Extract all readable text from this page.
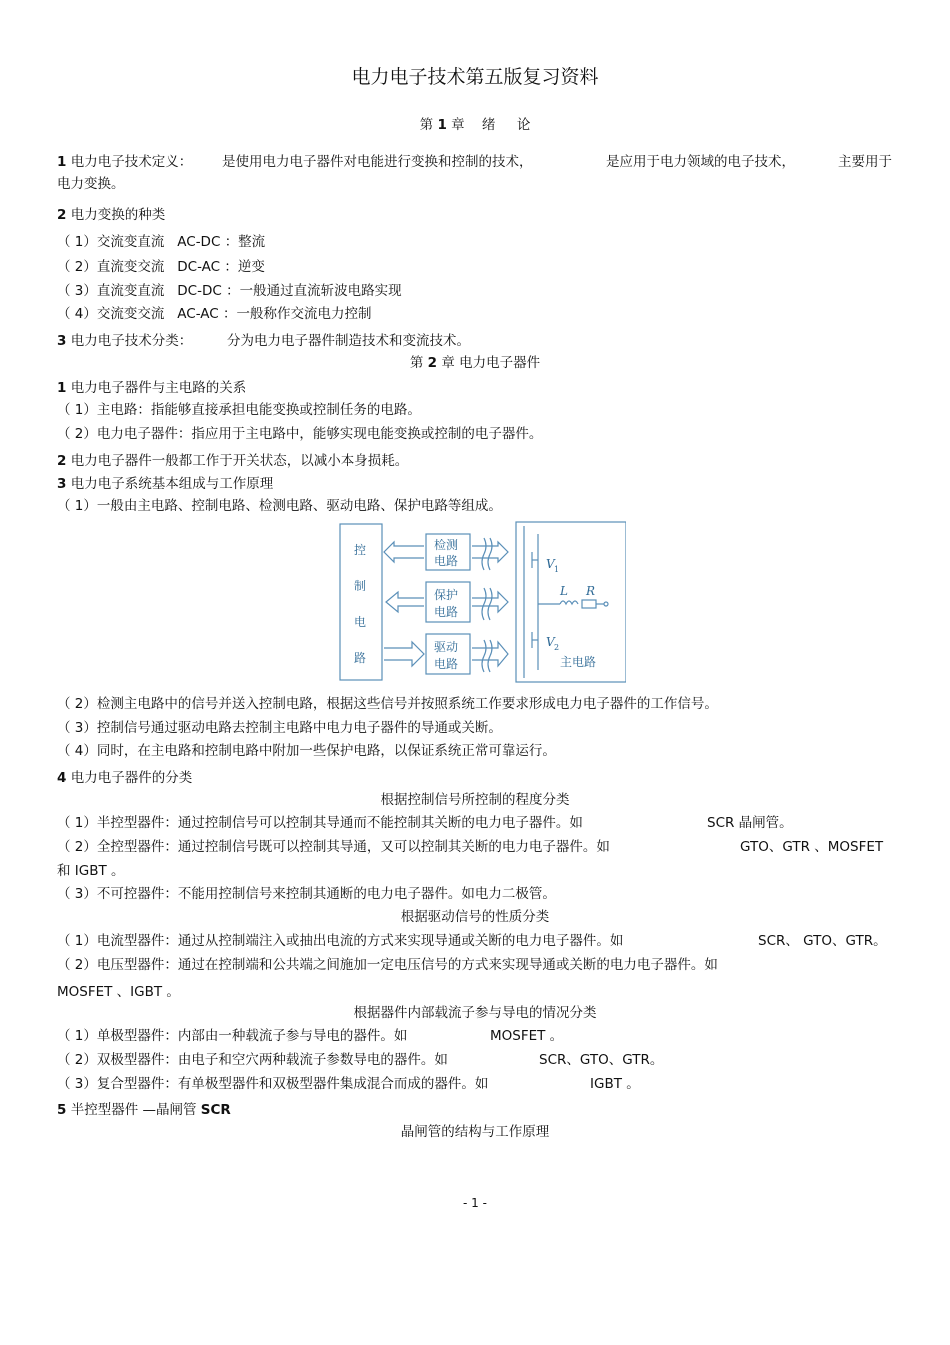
电力电子技术第五版复习资料
第 1 章 绪 论
1 电力电子技术定义： 是使用电力电子器件对电能进行变换和控制的技术，	是应用于电力领域的电子技术，	主要用于
电力变换。
2 电力变换的种类
（ 1）交流变直流 AC-DC ：整流
（ 2）直流变交流 DC-AC ：逆变
（ 3）直流变直流 DC-DC ：一般通过直流斩波电路实现
（ 4）交流变交流 AC-AC ：一般称作交流电力控制
3 电力电子技术分类：	分为电力电子器件制造技术和变流技术。
第 2 章 电力电子器件
1 电力电子器件与主电路的关系
（ 1）主电路：指能够直接承担电能变换或控制任务的电路。
（ 2）电力电子器件：指应用于主电路中，能够实现电能变换或控制的电子器件。
2 电力电子器件一般都工作于开关状态，以减小本身损耗。
3 电力电子系统基本组成与工作原理
（ 1）一般由主电路、控制电路、检测电路、驱动电路、保护电路等组成。
控
制
电
路
检测
电路
保护
电路
驱动
电路
V 1
V 2
L R
主电路
（ 2）检测主电路中的信号并送入控制电路，根据这些信号并按照系统工作要求形成电力电子器件的工作信号。
（ 3）控制信号通过驱动电路去控制主电路中电力电子器件的导通或关断。
（ 4）同时，在主电路和控制电路中附加一些保护电路，以保证系统正常可靠运行。
4 电力电子器件的分类
根据控制信号所控制的程度分类
（ 1）半控型器件：通过控制信号可以控制其导通而不能控制其关断的电力电子器件。如	SCR 晶闸管。
（ 2）全控型器件：通过控制信号既可以控制其导通，又可以控制其关断的电力电子器件。如	GTO、GTR 、MOSFET
和 IGBT 。
（ 3）不可控器件：不能用控制信号来控制其通断的电力电子器件。如电力二极管。
根据驱动信号的性质分类
（ 1）电流型器件：通过从控制端注入或抽出电流的方式来实现导通或关断的电力电子器件。如	SCR、 GTO、GTR。
（ 2）电压型器件：通过在控制端和公共端之间施加一定电压信号的方式来实现导通或关断的电力电子器件。如
MOSFET 、IGBT 。
根据器件内部载流子参与导电的情况分类
（ 1）单极型器件：内部由一种载流子参与导电的器件。如	MOSFET 。
（ 2）双极型器件：由电子和空穴两种载流子参数导电的器件。如	SCR、GTO、GTR。
（ 3）复合型器件：有单极型器件和双极型器件集成混合而成的器件。如	IGBT 。
5 半控型器件 —晶闸管 SCR
晶闸管的结构与工作原理
- 1 -
